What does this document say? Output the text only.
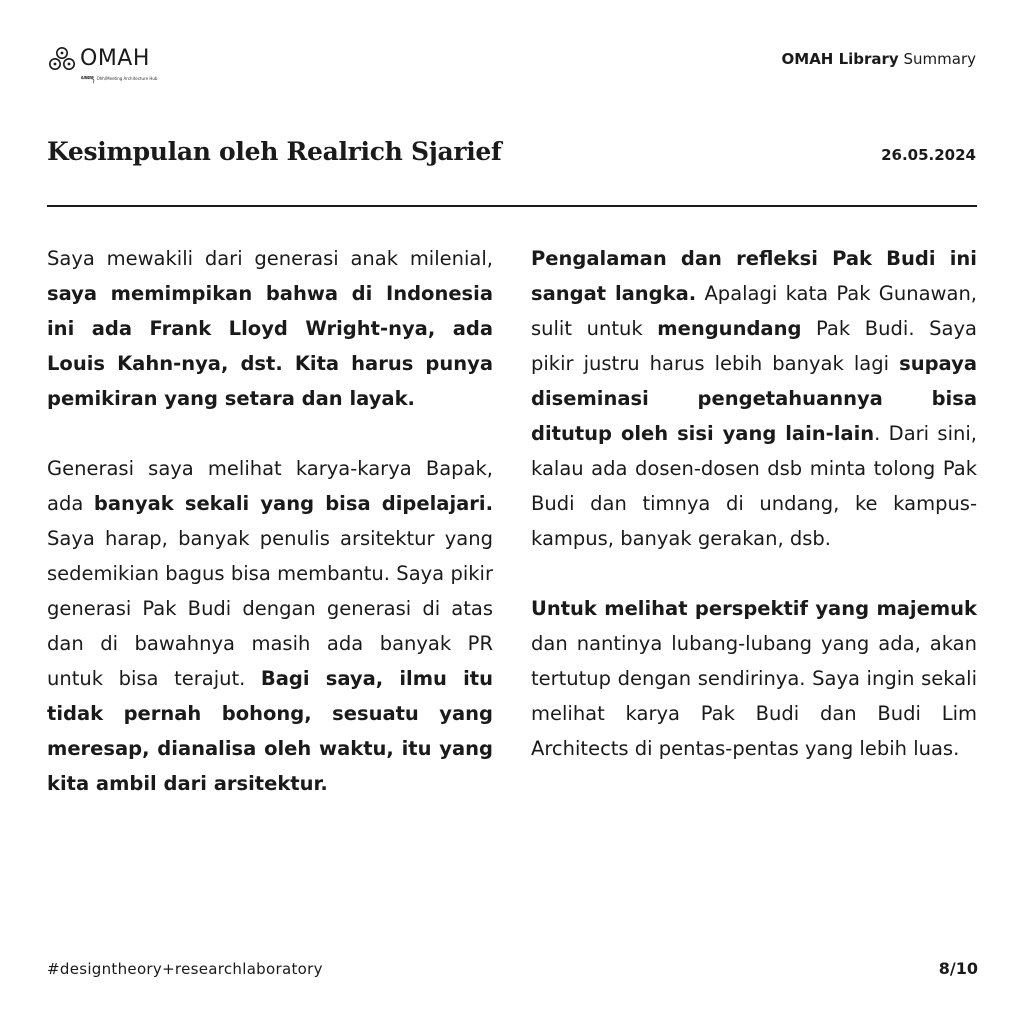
OMAH
ꦲꦩꦃ Ohh/Meeting Architecture Hub
OMAH Library Summary
Kesimpulan oleh Realrich Sjarief	26.05.2024

Saya mewakili dari generasi anak milenial, saya memimpikan bahwa di Indonesia ini ada Frank Lloyd Wright-nya, ada Louis Kahn-nya, dst. Kita harus punya pemikiran yang setara dan layak.

Generasi saya melihat karya-karya Bapak, ada banyak sekali yang bisa dipelajari. Saya harap, banyak penulis arsitektur yang sedemikian bagus bisa membantu. Saya pikir generasi Pak Budi dengan generasi di atas dan di bawahnya masih ada banyak PR untuk bisa terajut. Bagi saya, ilmu itu tidak pernah bohong, sesuatu yang meresap, dianalisa oleh waktu, itu yang kita ambil dari arsitektur.

Pengalaman dan refleksi Pak Budi ini sangat langka. Apalagi kata Pak Gunawan, sulit untuk mengundang Pak Budi. Saya pikir justru harus lebih banyak lagi supaya diseminasi pengetahuannya bisa ditutup oleh sisi yang lain-lain. Dari sini, kalau ada dosen-dosen dsb minta tolong Pak Budi dan timnya di undang, ke kampus-kampus, banyak gerakan, dsb.

Untuk melihat perspektif yang majemuk dan nantinya lubang-lubang yang ada, akan tertutup dengan sendirinya. Saya ingin sekali melihat karya Pak Budi dan Budi Lim Architects di pentas-pentas yang lebih luas.

#designtheory+researchlaboratory	8/10
